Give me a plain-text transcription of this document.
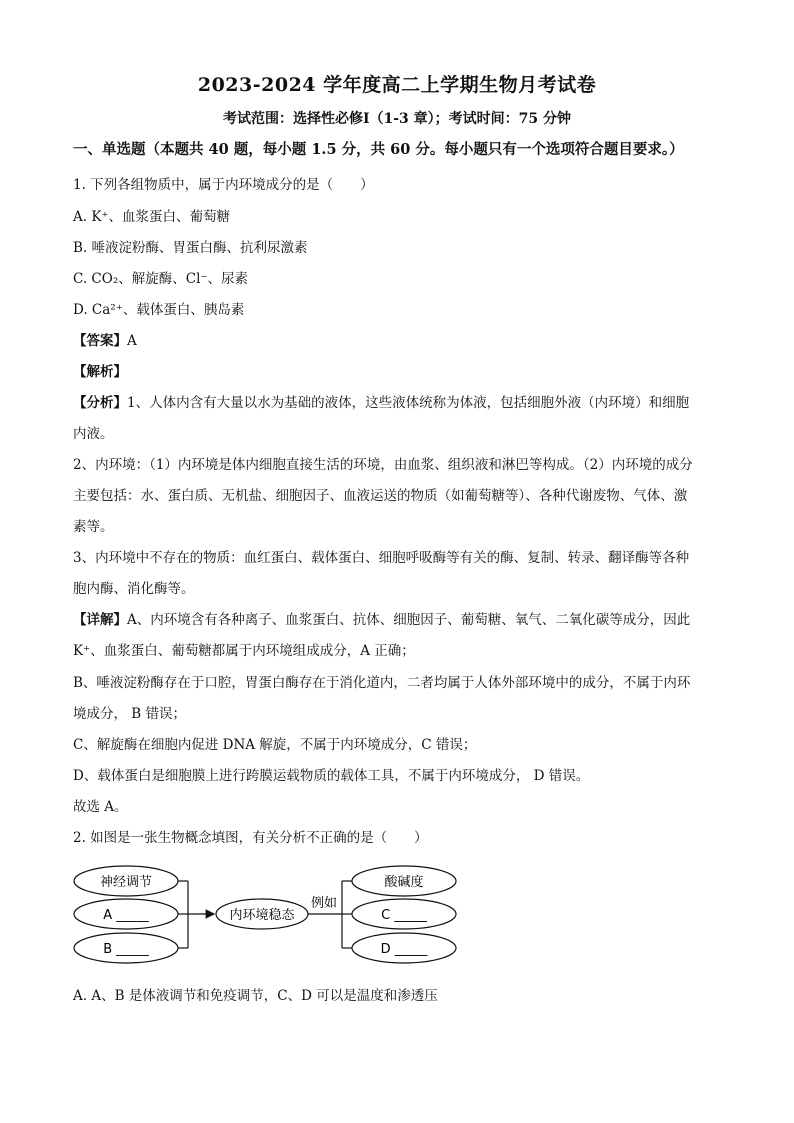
2023-2024 学年度高二上学期生物月考试卷
考试范围：选择性必修Ⅰ（1-3 章）；考试时间：75 分钟
一、单选题（本题共 40 题，每小题 1.5 分，共 60 分。每小题只有一个选项符合题目要求。）
1. 下列各组物质中，属于内环境成分的是（　　）
A. K⁺、血浆蛋白、葡萄糖
B. 唾液淀粉酶、胃蛋白酶、抗利尿激素
C. CO₂、解旋酶、Cl⁻、尿素
D. Ca²⁺、载体蛋白、胰岛素
【答案】A
【解析】
【分析】1、人体内含有大量以水为基础的液体，这些液体统称为体液，包括细胞外液（内环境）和细胞
内液。
2、内环境：（1）内环境是体内细胞直接生活的环境，由血浆、组织液和淋巴等构成。（2）内环境的成分
主要包括：水、蛋白质、无机盐、细胞因子、血液运送的物质（如葡萄糖等）、各种代谢废物、气体、激
素等。
3、内环境中不存在的物质：血红蛋白、载体蛋白、细胞呼吸酶等有关的酶、复制、转录、翻译酶等各种
胞内酶、消化酶等。
【详解】A、内环境含有各种离子、血浆蛋白、抗体、细胞因子、葡萄糖、氧气、二氧化碳等成分，因此
K⁺、血浆蛋白、葡萄糖都属于内环境组成成分，A 正确；
B、唾液淀粉酶存在于口腔，胃蛋白酶存在于消化道内，二者均属于人体外部环境中的成分，不属于内环
境成分， B 错误；
C、解旋酶在细胞内促进 DNA 解旋，不属于内环境成分，C 错误；
D、载体蛋白是细胞膜上进行跨膜运载物质的载体工具，不属于内环境成分， D 错误。
故选 A。
2. 如图是一张生物概念填图，有关分析不正确的是（　　）
神经调节
A _____
B _____
内环境稳态
例如
酸碱度
C _____
D _____
A. A、B 是体液调节和免疫调节，C、D 可以是温度和渗透压
